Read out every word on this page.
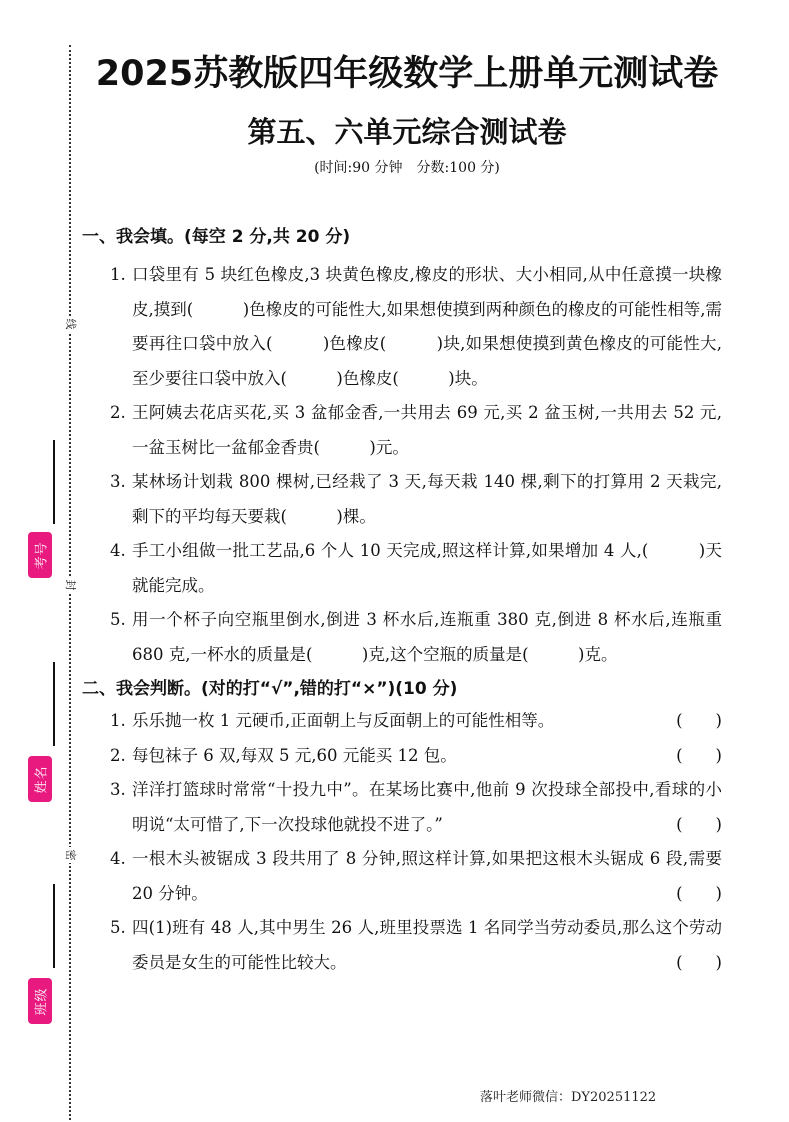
线
封
密
考号
姓名
班级
2025苏教版四年级数学上册单元测试卷
第五、六单元综合测试卷
(时间:90 分钟　分数:100 分)
一、我会填。(每空 2 分,共 20 分)
1. 口袋里有 5 块红色橡皮,3 块黄色橡皮,橡皮的形状、大小相同,从中任意摸一块橡皮,摸到(　　　)色橡皮的可能性大,如果想使摸到两种颜色的橡皮的可能性相等,需要再往口袋中放入(　　　)色橡皮(　　　)块,如果想使摸到黄色橡皮的可能性大,至少要往口袋中放入(　　　)色橡皮(　　　)块。
2. 王阿姨去花店买花,买 3 盆郁金香,一共用去 69 元,买 2 盆玉树,一共用去 52 元,一盆玉树比一盆郁金香贵(　　　)元。
3. 某林场计划栽 800 棵树,已经栽了 3 天,每天栽 140 棵,剩下的打算用 2 天栽完,剩下的平均每天要栽(　　　)棵。
4. 手工小组做一批工艺品,6 个人 10 天完成,照这样计算,如果增加 4 人,(　　　)天就能完成。
5. 用一个杯子向空瓶里倒水,倒进 3 杯水后,连瓶重 380 克,倒进 8 杯水后,连瓶重 680 克,一杯水的质量是(　　　)克,这个空瓶的质量是(　　　)克。
二、我会判断。(对的打“√”,错的打“×”)(10 分)
1. 乐乐抛一枚 1 元硬币,正面朝上与反面朝上的可能性相等。	(　　)
2. 每包袜子 6 双,每双 5 元,60 元能买 12 包。	(　　)
3. 洋洋打篮球时常常“十投九中”。在某场比赛中,他前 9 次投球全部投中,看球的小明说“太可惜了,下一次投球他就投不进了。”	(　　)
4. 一根木头被锯成 3 段共用了 8 分钟,照这样计算,如果把这根木头锯成 6 段,需要 20 分钟。	(　　)
5. 四(1)班有 48 人,其中男生 26 人,班里投票选 1 名同学当劳动委员,那么这个劳动委员是女生的可能性比较大。	(　　)
落叶老师微信：DY20251122
